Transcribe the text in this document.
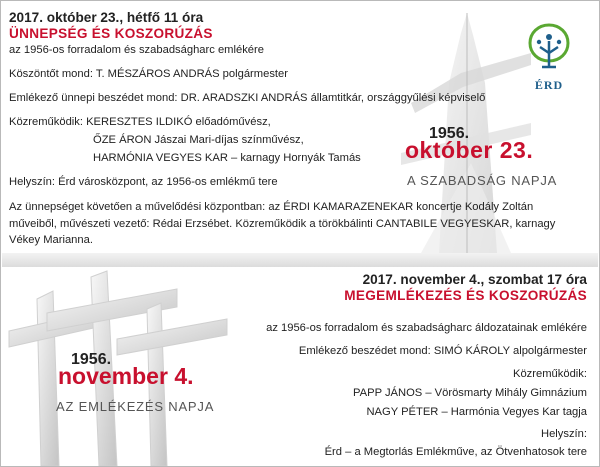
ÉRD
2017. október 23., hétfő 11 óra
ÜNNEPSÉG ÉS KOSZORÚZÁS
az 1956-os forradalom és szabadságharc emlékére
Köszöntőt mond: T. MÉSZÁROS ANDRÁS polgármester
Emlékező ünnepi beszédet mond: DR. ARADSZKI ANDRÁS államtitkár, országgyűlési képviselő
Közreműködik: KERESZTES ILDIKÓ előadóművész,
ŐZE ÁRON Jászai Mari-díjas színművész,
HARMÓNIA VEGYES KAR – karnagy Hornyák Tamás
Helyszín: Érd városközpont, az 1956-os emlékmű tere
Az ünnepséget követően a művelődési központban: az ÉRDI KAMARAZENEKAR koncertje Kodály Zoltán műveiből, művészeti vezető: Rédai Erzsébet. Közreműködik a törökbálinti CANTABILE VEGYESKAR, karnagy Vékey Marianna.
1956.
október 23.
A SZABADSÁG NAPJA
2017. november 4., szombat 17 óra
MEGEMLÉKEZÉS ÉS KOSZORÚZÁS
az 1956-os forradalom és szabadságharc áldozatainak emlékére
Emlékező beszédet mond: SIMÓ KÁROLY alpolgármester
Közreműködik:
PAPP JÁNOS – Vörösmarty Mihály Gimnázium
NAGY PÉTER – Harmónia Vegyes Kar tagja
Helyszín:
Érd – a Megtorlás Emlékműve, az Ötvenhatosok tere
1956.
november 4.
AZ EMLÉKEZÉS NAPJA
